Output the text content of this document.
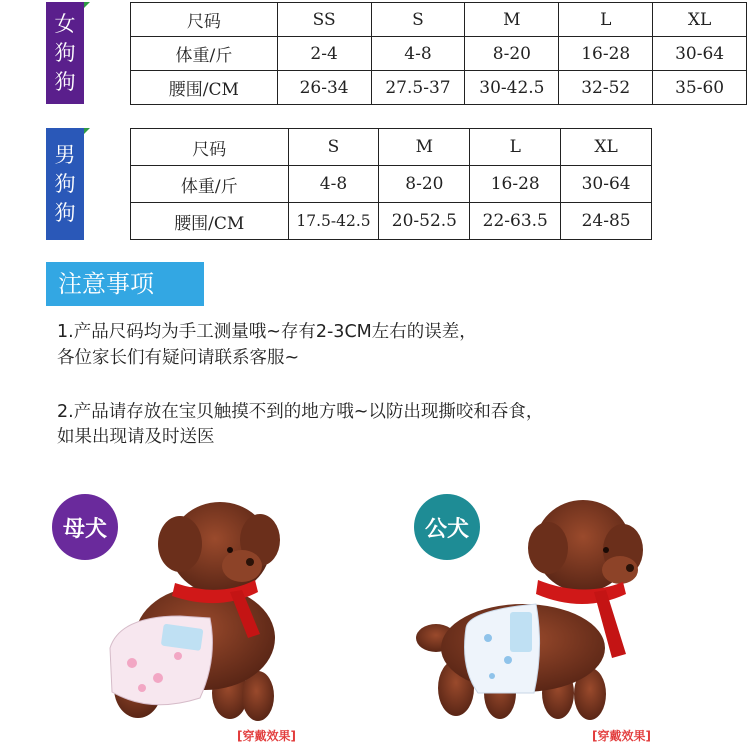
女
狗
狗
尺码	SS	S	M	L	XL
体重/斤	2-4	4-8	8-20	16-28	30-64
腰围/CM	26-34	27.5-37	30-42.5	32-52	35-60
男
狗
狗
尺码	S	M	L	XL
体重/斤	4-8	8-20	16-28	30-64
腰围/CM	17.5-42.5	20-52.5	22-63.5	24-85
注意事项
1.产品尺码均为手工测量哦~存有2-3CM左右的误差，
各位家长们有疑问请联系客服~
2.产品请存放在宝贝触摸不到的地方哦~以防出现撕咬和吞食，
如果出现请及时送医
母犬
[穿戴效果]
公犬
[穿戴效果]
